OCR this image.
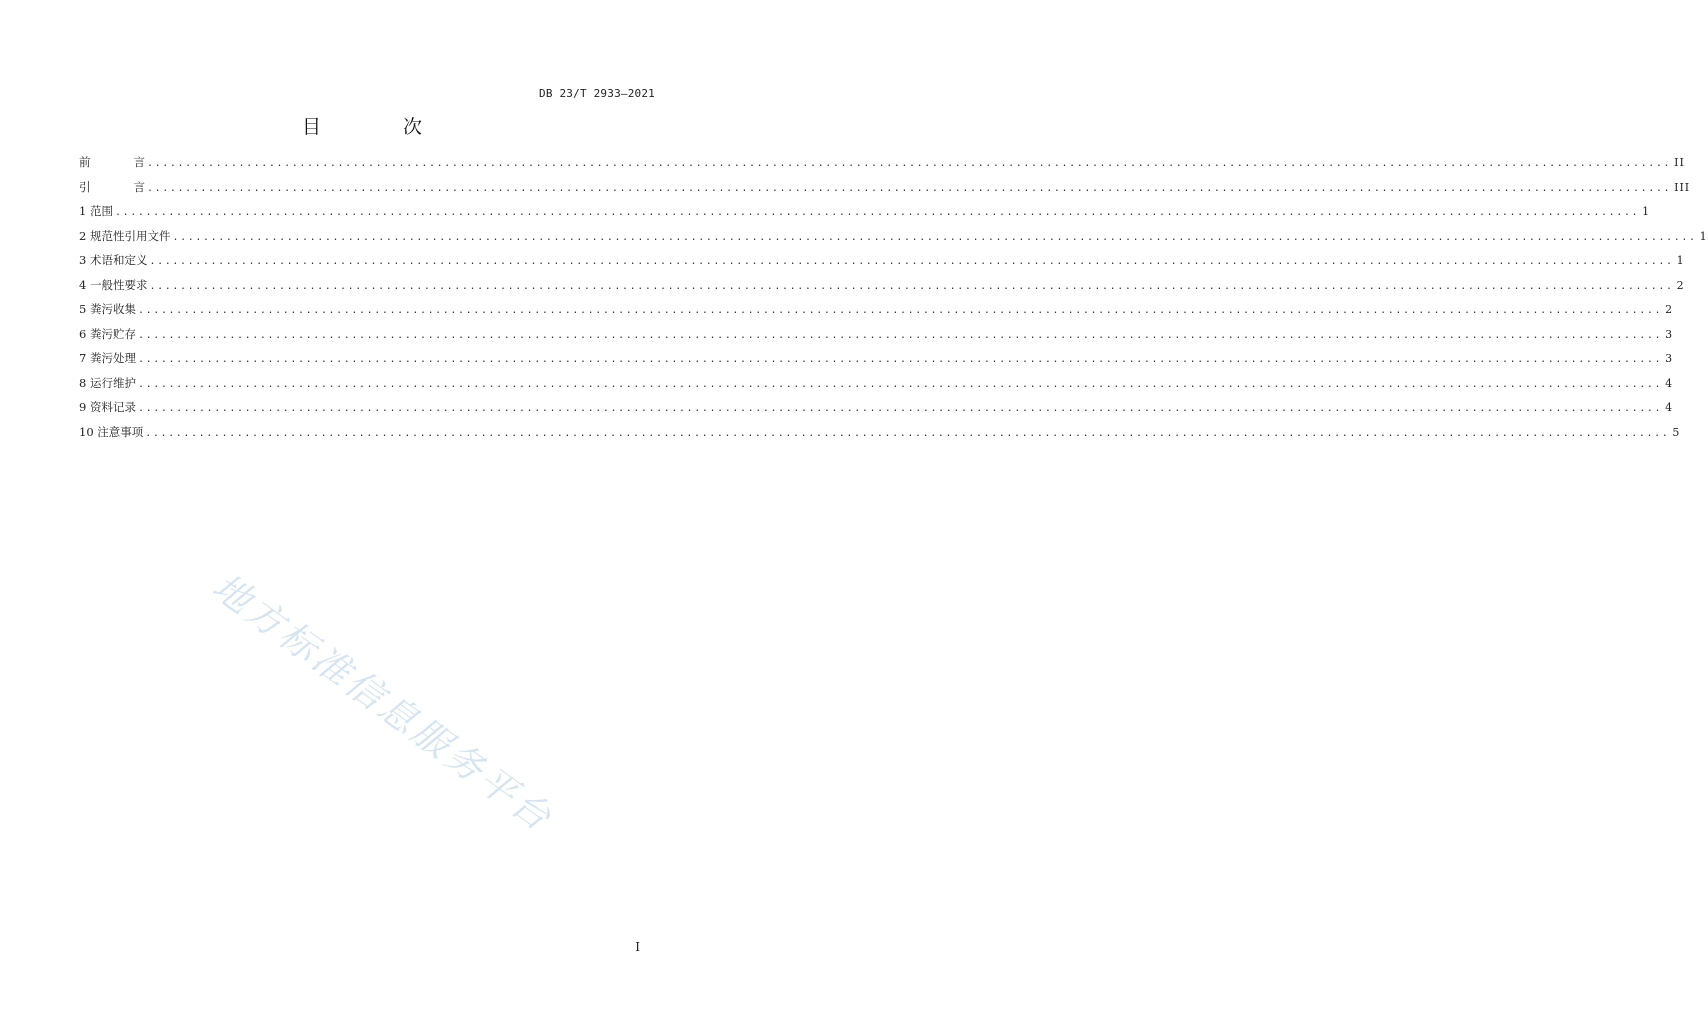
DB 23/T 2933—2021
目 次
前	言 ........................................................................................................................................................................................................ II
引	言 ........................................................................................................................................................................................................ III
1 范围 ........................................................................................................................................................................................................ 1
2 规范性引用文件 ........................................................................................................................................................................................................ 1
3 术语和定义 ........................................................................................................................................................................................................ 1
4 一般性要求 ........................................................................................................................................................................................................ 2
5 粪污收集 ........................................................................................................................................................................................................ 2
6 粪污贮存 ........................................................................................................................................................................................................ 3
7 粪污处理 ........................................................................................................................................................................................................ 3
8 运行维护 ........................................................................................................................................................................................................ 4
9 资料记录 ........................................................................................................................................................................................................ 4
10 注意事项 ........................................................................................................................................................................................................ 5
地方标准信息服务平台
I
